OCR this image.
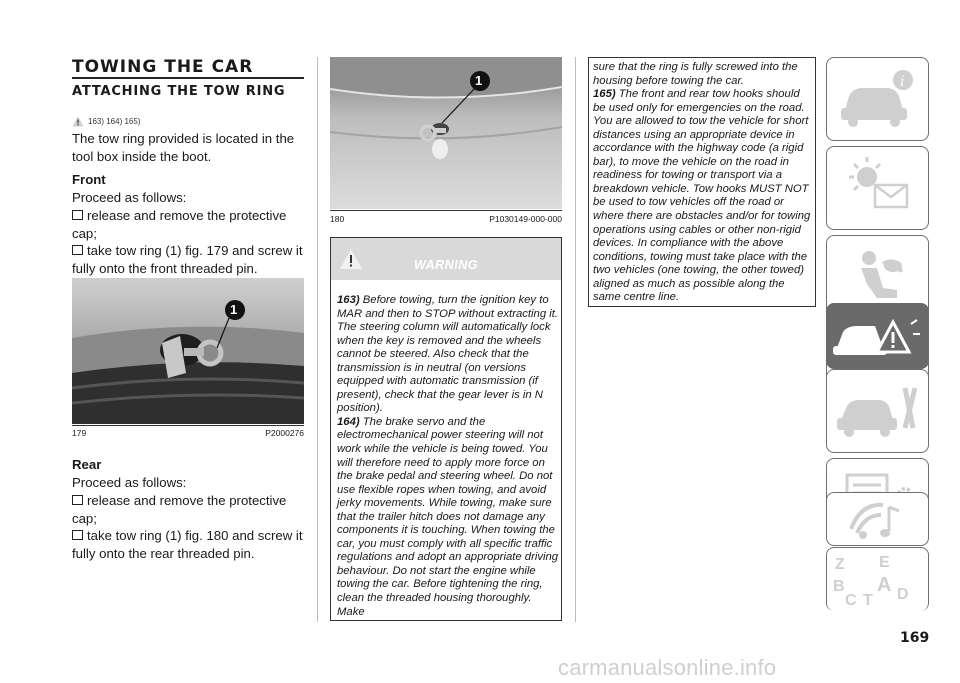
TOWING THE CAR
ATTACHING THE TOW RING
163) 164) 165)
The tow ring provided is located in the tool box inside the boot.
Front
Proceed as follows:
release and remove the protective cap;
take tow ring (1) fig. 179 and screw it fully onto the front threaded pin.
1
179	P2000276
Rear
Proceed as follows:
release and remove the protective cap;
take tow ring (1) fig. 180 and screw it fully onto the rear threaded pin.
1
180	P1030149-000-000
WARNING
163) Before towing, turn the ignition key to MAR and then to STOP without extracting it. The steering column will automatically lock when the key is removed and the wheels cannot be steered. Also check that the transmission is in neutral (on versions equipped with automatic transmission (if present), check that the gear lever is in N position).
164) The brake servo and the electromechanical power steering will not work while the vehicle is being towed. You will therefore need to apply more force on the brake pedal and steering wheel. Do not use flexible ropes when towing, and avoid jerky movements. While towing, make sure that the trailer hitch does not damage any components it is touching. When towing the car, you must comply with all specific traffic regulations and adopt an appropriate driving behaviour. Do not start the engine while towing the car. Before tightening the ring, clean the threaded housing thoroughly. Make
sure that the ring is fully screwed into the housing before towing the car.
165) The front and rear tow hooks should be used only for emergencies on the road. You are allowed to tow the vehicle for short distances using an appropriate device in accordance with the highway code (a rigid bar), to move the vehicle on the road in readiness for towing or transport via a breakdown vehicle. Tow hooks MUST NOT be used to tow vehicles off the road or where there are obstacles and/or for towing operations using cables or other non-rigid devices. In compliance with the above conditions, towing must take place with the two vehicles (one towing, the other towed) aligned as much as possible along the same centre line.
i
Z E
B A
C T D
169
carmanualsonline.info
